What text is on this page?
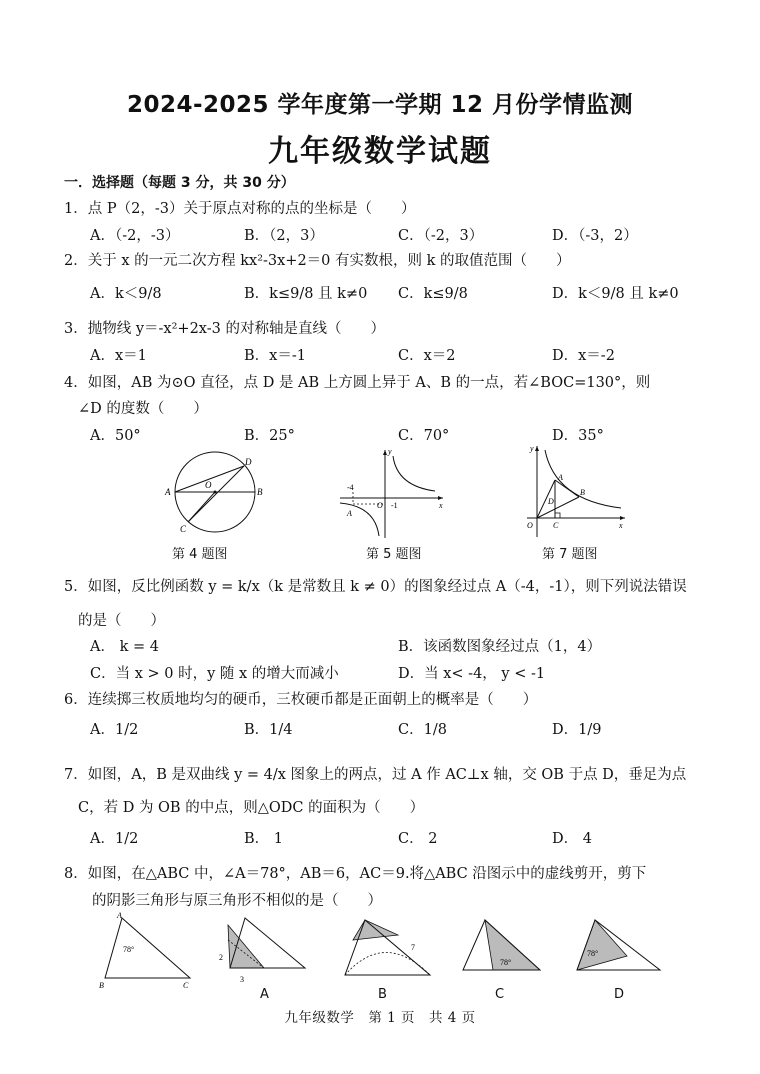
2024-2025 学年度第一学期 12 月份学情监测
九年级数学试题
一．选择题（每题 3 分，共 30 分）
1．点 P（2，-3）关于原点对称的点的坐标是（　　）
A．（-2，-3）	B．（2，3）	C．（-2，3）	D．（-3，2）
2．关于 x 的一元二次方程 kx²-3x+2＝0 有实数根，则 k 的取值范围（　　）
A．k＜9/8	B．k≤9/8 且 k≠0 C．k≤9/8	D．k＜9/8 且 k≠0
3．抛物线 y＝-x²+2x-3 的对称轴是直线（　　）
A．x＝1	B．x＝-1	C．x＝2	D．x＝-2
4．如图，AB 为⊙O 直径，点 D 是 AB 上方圆上异于 A、B 的一点，若∠BOC=130°，则
∠D 的度数（　　）
A．50°	B．25°	C．70°	D．35°
D
A
O
B
C
第 4 题图
y
-4
O -1
A
x
第 5 题图
y
A
D
B
O	C	x
第 7 题图
5．如图，反比例函数 y = k/x（k 是常数且 k ≠ 0）的图象经过点 A（-4，-1），则下列说法错误
的是（　　）
A． k = 4	B．该函数图象经过点（1，4）
C．当 x > 0 时，y 随 x 的增大而减小	D．当 x< -4， y < -1
6．连续掷三枚质地均匀的硬币，三枚硬币都是正面朝上的概率是（　　）
A．1/2	B．1/4	C．1/8	D．1/9
7．如图，A，B 是双曲线 y = 4/x 图象上的两点，过 A 作 AC⊥x 轴，交 OB 于点 D，垂足为点
C，若 D 为 OB 的中点，则△ODC 的面积为（　　）
A．1/2	B． 1	C． 2	D． 4
8．如图，在△ABC 中，∠A＝78°，AB＝6，AC＝9.将△ABC 沿图示中的虚线剪开，剪下
的阴影三角形与原三角形不相似的是（　　）
A
78°
B	C
2
3
7
78°
78°
A	B	C	D
九年级数学　第 1 页　共 4 页
